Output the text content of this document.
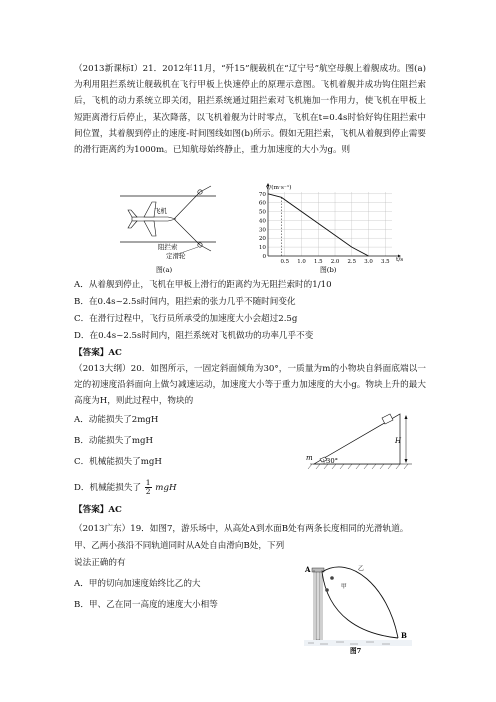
（2013新课标Ⅰ）21．2012年11月，“歼15”舰载机在“辽宁号”航空母舰上着舰成功。图(a)为利用阻拦系统让舰载机在飞行甲板上快速停止的原理示意图。飞机着舰并成功钩住阻拦索后，飞机的动力系统立即关闭，阻拦系统通过阻拦索对飞机施加一作用力，使飞机在甲板上短距离滑行后停止，某次降落，以飞机着舰为计时零点，飞机在t=0.4s时恰好钩住阻拦索中间位置，其着舰到停止的速度-时间图线如图(b)所示。假如无阻拦索，飞机从着舰到停止需要的滑行距离约为1000m。已知航母始终静止，重力加速度的大小为g。则
飞机
阻拦索
定滑轮
图(a)
0
10
20
30
40
50
60
70
0.5 1.0 1.5 2.0 2.5 3.0 3.5
v/(m·s⁻¹)
t/s
图(b)
A．从着舰到停止，飞机在甲板上滑行的距离约为无阻拦索时的1/10
B．在0.4s~2.5s时间内，阻拦索的张力几乎不随时间变化
C．在滑行过程中，飞行员所承受的加速度大小会超过2.5g
D．在0.4s~2.5s时间内，阻拦系统对飞机做功的功率几乎不变
【答案】AC
（2013大纲）20．如图所示，一固定斜面倾角为30°，一质量为m的小物块自斜面底端以一定的初速度沿斜面向上做匀减速运动，加速度大小等于重力加速度的大小g。物块上升的最大高度为H，则此过程中，物块的
A．动能损失了2mgH
B．动能损失了mgH
C．机械能损失了mgH
D．机械能损失了 $\frac{1}{2}$ mgH
H
m 30°
【答案】AC
（2013广东）19．如图7，游乐场中，从高处A到水面B处有两条长度相同的光滑轨道。
甲、乙两小孩沿不同轨道同时从A处自由滑向B处，下列
说法正确的有
A．甲的切向加速度始终比乙的大
B．甲、乙在同一高度的速度大小相等
A
B
甲
乙
图7
